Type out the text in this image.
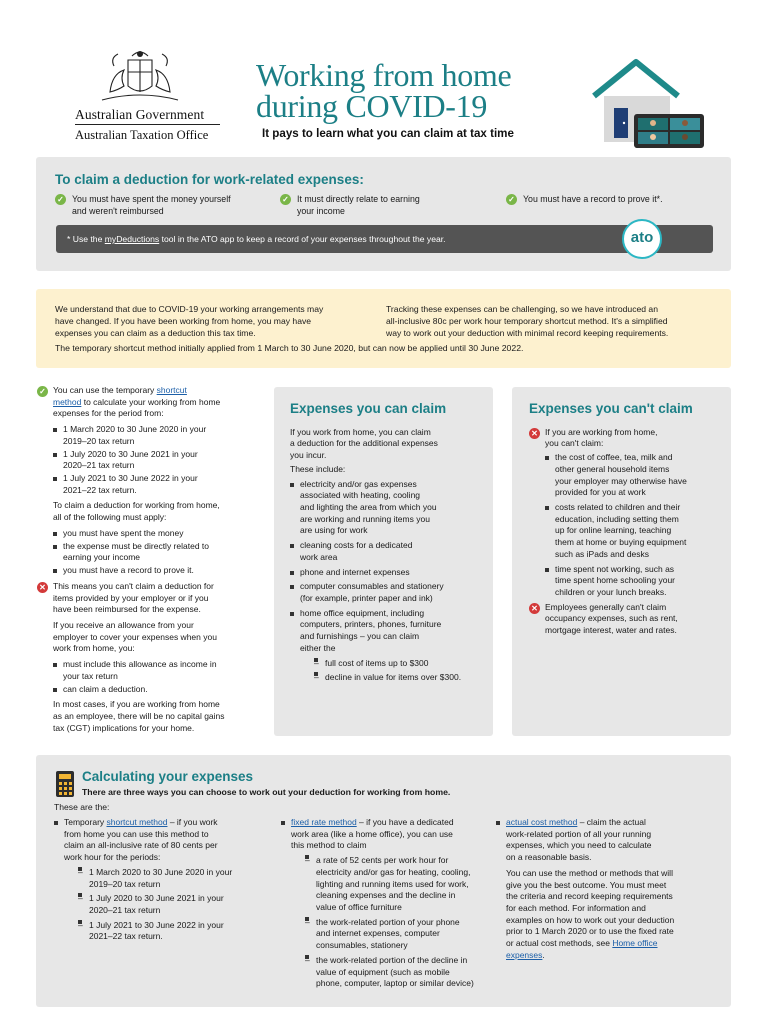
Australian Government
Australian Taxation Office
Working from home
during COVID-19
It pays to learn what you can claim at tax time
To claim a deduction for work-related expenses:
✓ You must have spent the money yourself
and weren't reimbursed
✓ It must directly relate to earning
your income
✓ You must have a record to prove it*.
* Use the myDeductions tool in the ATO app to keep a record of your expenses throughout the year.	ato
We understand that due to COVID-19 your working arrangements may
have changed. If you have been working from home, you may have
expenses you can claim as a deduction this tax time.
Tracking these expenses can be challenging, so we have introduced an
all-inclusive 80c per work hour temporary shortcut method. It's a simplified
way to work out your deduction with minimal record keeping requirements.
The temporary shortcut method initially applied from 1 March to 30 June 2020, but can now be applied until 30 June 2022.
✓ You can use the temporary shortcut
method to calculate your working from home
expenses for the period from:
1 March 2020 to 30 June 2020 in your
2019–20 tax return
1 July 2020 to 30 June 2021 in your
2020–21 tax return
1 July 2021 to 30 June 2022 in your
2021–22 tax return.
To claim a deduction for working from home,
all of the following must apply:
you must have spent the money
the expense must be directly related to
earning your income
you must have a record to prove it.
✕ This means you can't claim a deduction for
items provided by your employer or if you
have been reimbursed for the expense.
If you receive an allowance from your
employer to cover your expenses when you
work from home, you:
must include this allowance as income in
your tax return
can claim a deduction.
In most cases, if you are working from home
as an employee, there will be no capital gains
tax (CGT) implications for your home.
Expenses you can claim
If you work from home, you can claim
a deduction for the additional expenses
you incur.
These include:
electricity and/or gas expenses
associated with heating, cooling
and lighting the area from which you
are working and running items you
are using for work
cleaning costs for a dedicated
work area
phone and internet expenses
computer consumables and stationery
(for example, printer paper and ink)
home office equipment, including
computers, printers, phones, furniture
and furnishings – you can claim
either the
– full cost of items up to $300
– decline in value for items over $300.
Expenses you can't claim
✕ If you are working from home,
you can't claim:
the cost of coffee, tea, milk and
other general household items
your employer may otherwise have
provided for you at work
costs related to children and their
education, including setting them
up for online learning, teaching
them at home or buying equipment
such as iPads and desks
time spent not working, such as
time spent home schooling your
children or your lunch breaks.
✕ Employees generally can't claim
occupancy expenses, such as rent,
mortgage interest, water and rates.
Calculating your expenses
There are three ways you can choose to work out your deduction for working from home.
These are the:
Temporary shortcut method – if you work
from home you can use this method to
claim an all-inclusive rate of 80 cents per
work hour for the periods:
– 1 March 2020 to 30 June 2020 in your
2019–20 tax return
– 1 July 2020 to 30 June 2021 in your
2020–21 tax return
– 1 July 2021 to 30 June 2022 in your
2021–22 tax return.
fixed rate method – if you have a dedicated
work area (like a home office), you can use
this method to claim
– a rate of 52 cents per work hour for
electricity and/or gas for heating, cooling,
lighting and running items used for work,
cleaning expenses and the decline in
value of office furniture
– the work-related portion of your phone
and internet expenses, computer
consumables, stationery
– the work-related portion of the decline in
value of equipment (such as mobile
phone, computer, laptop or similar device)
actual cost method – claim the actual
work-related portion of all your running
expenses, which you need to calculate
on a reasonable basis.
You can use the method or methods that will
give you the best outcome. You must meet
the criteria and record keeping requirements
for each method. For information and
examples on how to work out your deduction
prior to 1 March 2020 or to use the fixed rate
or actual cost methods, see Home office
expenses.
